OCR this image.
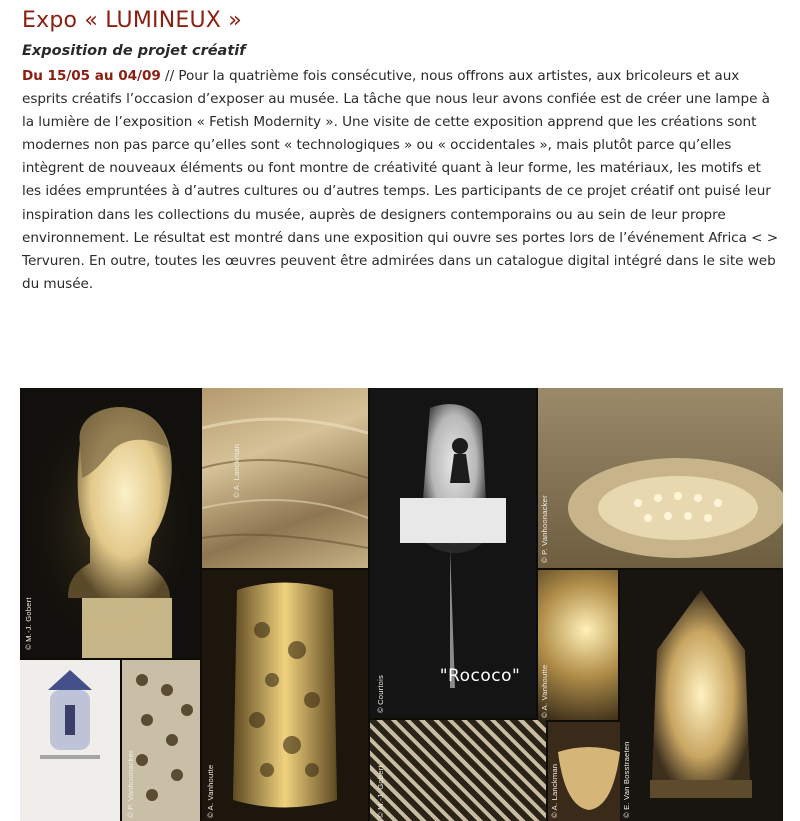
Expo « LUMINEUX »
Exposition de projet créatif

Du 15/05 au 04/09 // Pour la quatrième fois consécutive, nous offrons aux artistes, aux bricoleurs et aux esprits créatifs l’occasion d’exposer au musée. La tâche que nous leur avons confiée est de créer une lampe à la lumière de l’exposition « Fetish Modernity ». Une visite de cette exposition apprend que les créations sont modernes non pas parce qu’elles sont « technologiques » ou « occidentales », mais plutôt parce qu’elles intègrent de nouveaux éléments ou font montre de créativité quant à leur forme, les matériaux, les motifs et les idées empruntées à d’autres cultures ou d’autres temps. Les participants de ce projet créatif ont puisé leur inspiration dans les collections du musée, auprès de designers contemporains ou au sein de leur propre environnement. Le résultat est montré dans une exposition qui ouvre ses portes lors de l’événement Africa < > Tervuren. En outre, toutes les œuvres peuvent être admirées dans un catalogue digital intégré dans le site web du musée.

© M.-J. Gobert
© A. Lanckman
© Courtois
© P. Vanhoonacker
© I. Ravelosaotra	© P. Vanhoonacker	© A. Vanhoutte	© M.-J. Gobert
© A. Vanhoutte
© A. Lanckman	© E. Van Bosstraeten
"Rococo"
